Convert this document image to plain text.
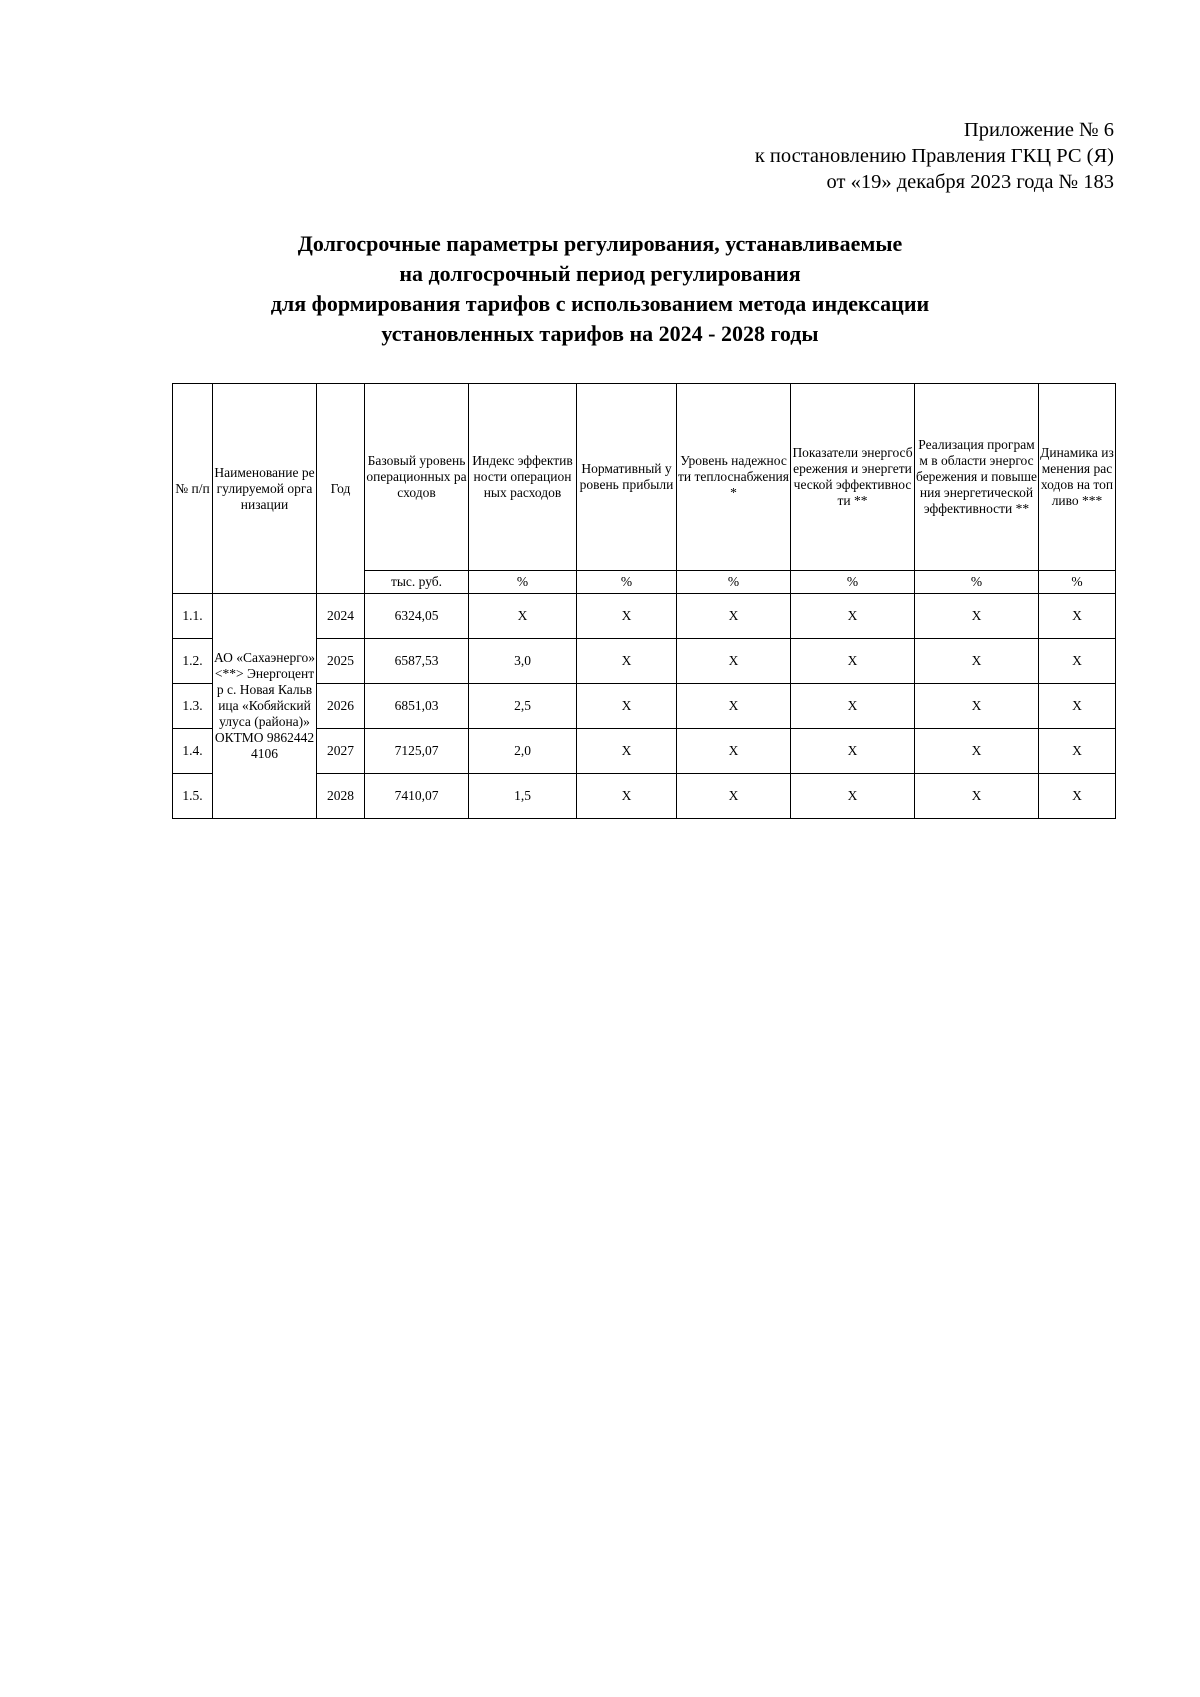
Приложение № 6
к постановлению Правления ГКЦ РС (Я)
от «19» декабря 2023 года № 183
Долгосрочные параметры регулирования, устанавливаемые
на долгосрочный период регулирования
для формирования тарифов с использованием метода индексации
установленных тарифов на 2024 - 2028 годы
№ п/п	Наименование регулируемой организации	Год	Базовый уровень операционных расходов	Индекс эффективности операционных расходов	Нормативный уровень прибыли	Уровень надежности теплоснабжения *	Показатели энергосбережения и энергетической эффективности **	Реализация программ в области энергосбережения и повышения энергетической эффективности **	Динамика изменения расходов на топливо ***
			тыс. руб.	%	%	%	%	%	%
1.1.	АО «Сахаэнерго» <**> Энергоцентр с. Новая Кальвица «Кобяйский улуса (района)» ОКТМО 98624424106	2024	6324,05	X	X	X	X	X	X
1.2.		2025	6587,53	3,0	X	X	X	X	X
1.3.		2026	6851,03	2,5	X	X	X	X	X
1.4.		2027	7125,07	2,0	X	X	X	X	X
1.5.		2028	7410,07	1,5	X	X	X	X	X
